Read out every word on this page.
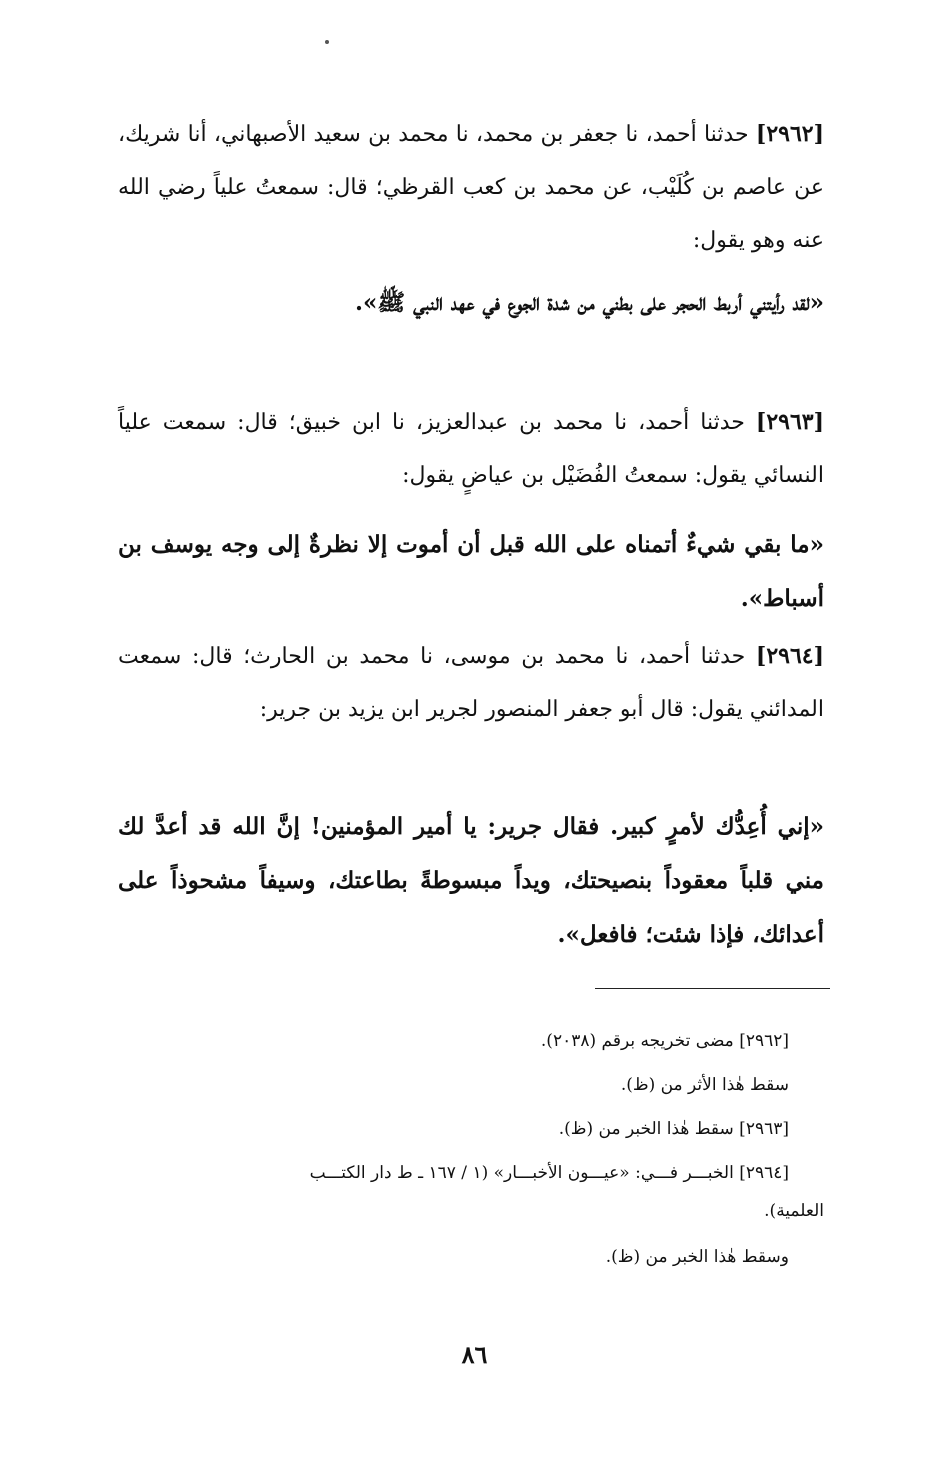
[٢٩٦٢] حدثنا أحمد، نا جعفر بن محمد، نا محمد بن سعيد الأصبهاني، أنا شريك، عن عاصم بن كُلَيْب، عن محمد بن كعب القرظي؛ قال: سمعتُ علياً رضي الله عنه وهو يقول:
«لقد رأيتني أربط الحجر على بطني من شدة الجوع في عهد النبي ﷺ».
[٢٩٦٣] حدثنا أحمد، نا محمد بن عبدالعزيز، نا ابن خبيق؛ قال: سمعت علياً النسائي يقول: سمعتُ الفُضَيْل بن عياضٍ يقول:
«ما بقي شيءٌ أتمناه على الله قبل أن أموت إلا نظرةٌ إلى وجه يوسف بن أسباط».
[٢٩٦٤] حدثنا أحمد، نا محمد بن موسى، نا محمد بن الحارث؛ قال: سمعت المدائني يقول: قال أبو جعفر المنصور لجرير ابن يزيد بن جرير:
«إني أُعِدُّك لأمرٍ كبير. فقال جرير: يا أمير المؤمنين! إنَّ الله قد أعدَّ لك مني قلباً معقوداً بنصيحتك، ويداً مبسوطةً بطاعتك، وسيفاً مشحوذاً على أعدائك، فإذا شئت؛ فافعل».
[٢٩٦٢] مضى تخريجه برقم (٢٠٣٨).
سقط هٰذا الأثر من (ظ).
[٢٩٦٣] سقط هٰذا الخبر من (ظ).
[٢٩٦٤] الخبـــر فـــي: «عيـــون الأخبـــار» (١ / ١٦٧ ـ ط دار الكتـــب
العلمية).
وسقط هٰذا الخبر من (ظ).
٨٦
